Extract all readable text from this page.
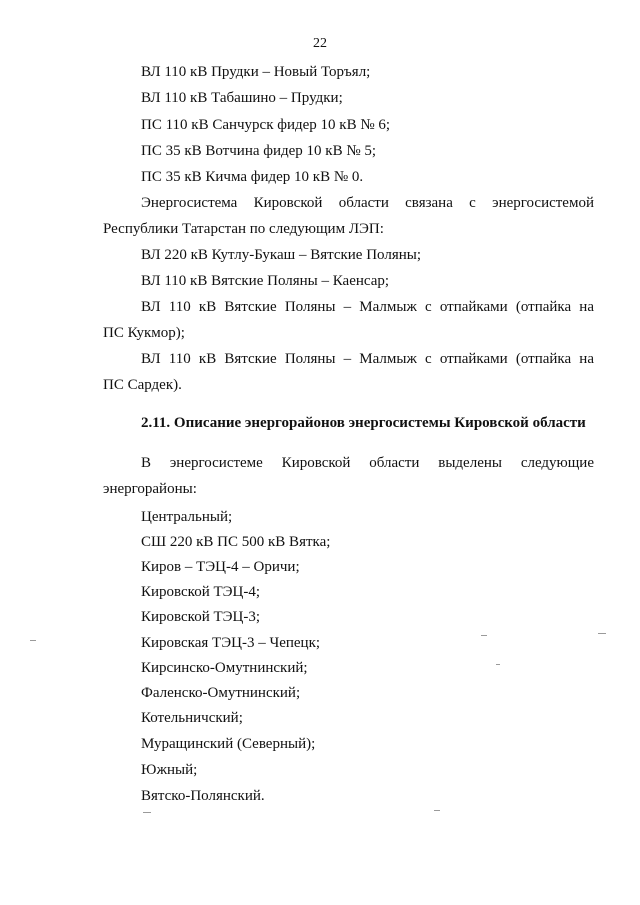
22
ВЛ 110 кВ Прудки – Новый Торъял;
ВЛ 110 кВ Табашино – Прудки;
ПС 110 кВ Санчурск фидер 10 кВ № 6;
ПС 35 кВ Вотчина фидер 10 кВ № 5;
ПС 35 кВ Кичма фидер 10 кВ № 0.
Энергосистема Кировской области связана с энергосистемой
Республики Татарстан по следующим ЛЭП:
ВЛ 220 кВ Кутлу-Букаш – Вятские Поляны;
ВЛ 110 кВ Вятские Поляны – Каенсар;
ВЛ 110 кВ Вятские Поляны – Малмыж с отпайками (отпайка на
ПС Кукмор);
ВЛ 110 кВ Вятские Поляны – Малмыж с отпайками (отпайка на
ПС Сардек).
2.11. Описание энергорайонов энергосистемы Кировской области
В энергосистеме Кировской области выделены следующие
энергорайоны:
Центральный;
СШ 220 кВ ПС 500 кВ Вятка;
Киров – ТЭЦ-4 – Оричи;
Кировской ТЭЦ-4;
Кировской ТЭЦ-3;
Кировская ТЭЦ-3 – Чепецк;
Кирсинско-Омутнинский;
Фаленско-Омутнинский;
Котельничский;
Муращинский (Северный);
Южный;
Вятско-Полянский.
